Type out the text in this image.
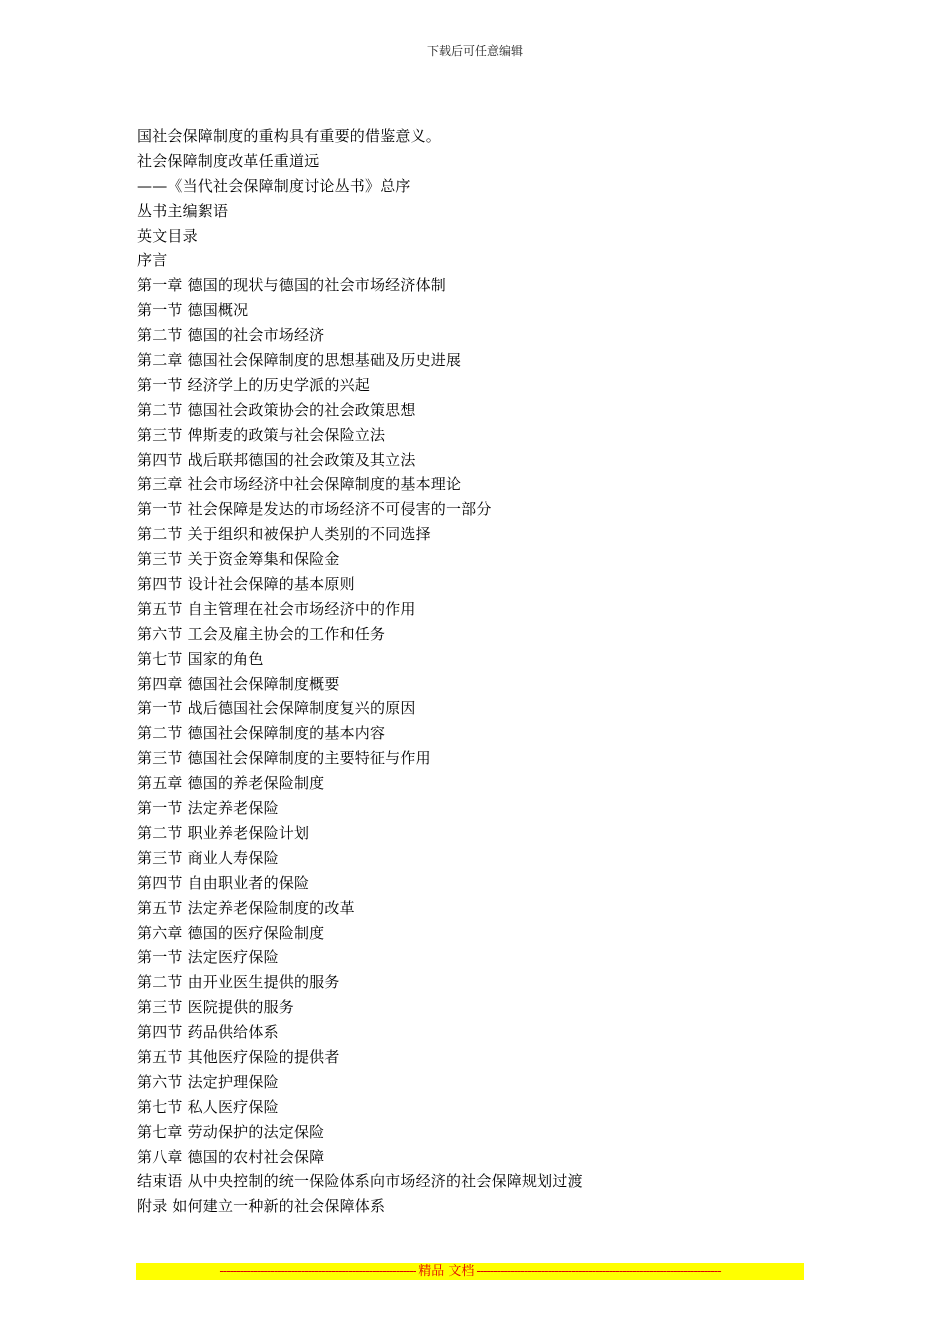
下载后可任意编辑
国社会保障制度的重构具有重要的借鉴意义。
社会保障制度改革任重道远
——《当代社会保障制度讨论丛书》总序
丛书主编絮语
英文目录
序言
第一章 德国的现状与德国的社会市场经济体制
第一节 德国概况
第二节 德国的社会市场经济
第二章 德国社会保障制度的思想基础及历史进展
第一节 经济学上的历史学派的兴起
第二节 德国社会政策协会的社会政策思想
第三节 俾斯麦的政策与社会保险立法
第四节 战后联邦德国的社会政策及其立法
第三章 社会市场经济中社会保障制度的基本理论
第一节 社会保障是发达的市场经济不可侵害的一部分
第二节 关于组织和被保护人类别的不同选择
第三节 关于资金筹集和保险金
第四节 设计社会保障的基本原则
第五节 自主管理在社会市场经济中的作用
第六节 工会及雇主协会的工作和任务
第七节 国家的角色
第四章 德国社会保障制度概要
第一节 战后德国社会保障制度复兴的原因
第二节 德国社会保障制度的基本内容
第三节 德国社会保障制度的主要特征与作用
第五章 德国的养老保险制度
第一节 法定养老保险
第二节 职业养老保险计划
第三节 商业人寿保险
第四节 自由职业者的保险
第五节 法定养老保险制度的改革
第六章 德国的医疗保险制度
第一节 法定医疗保险
第二节 由开业医生提供的服务
第三节 医院提供的服务
第四节 药品供给体系
第五节 其他医疗保险的提供者
第六节 法定护理保险
第七节 私人医疗保险
第七章 劳动保护的法定保险
第八章 德国的农村社会保障
结束语 从中央控制的统一保险体系向市场经济的社会保障规划过渡
附录 如何建立一种新的社会保障体系
---------------------------------------------------------- 精品 文档 ------------------------------------------------------------------------
